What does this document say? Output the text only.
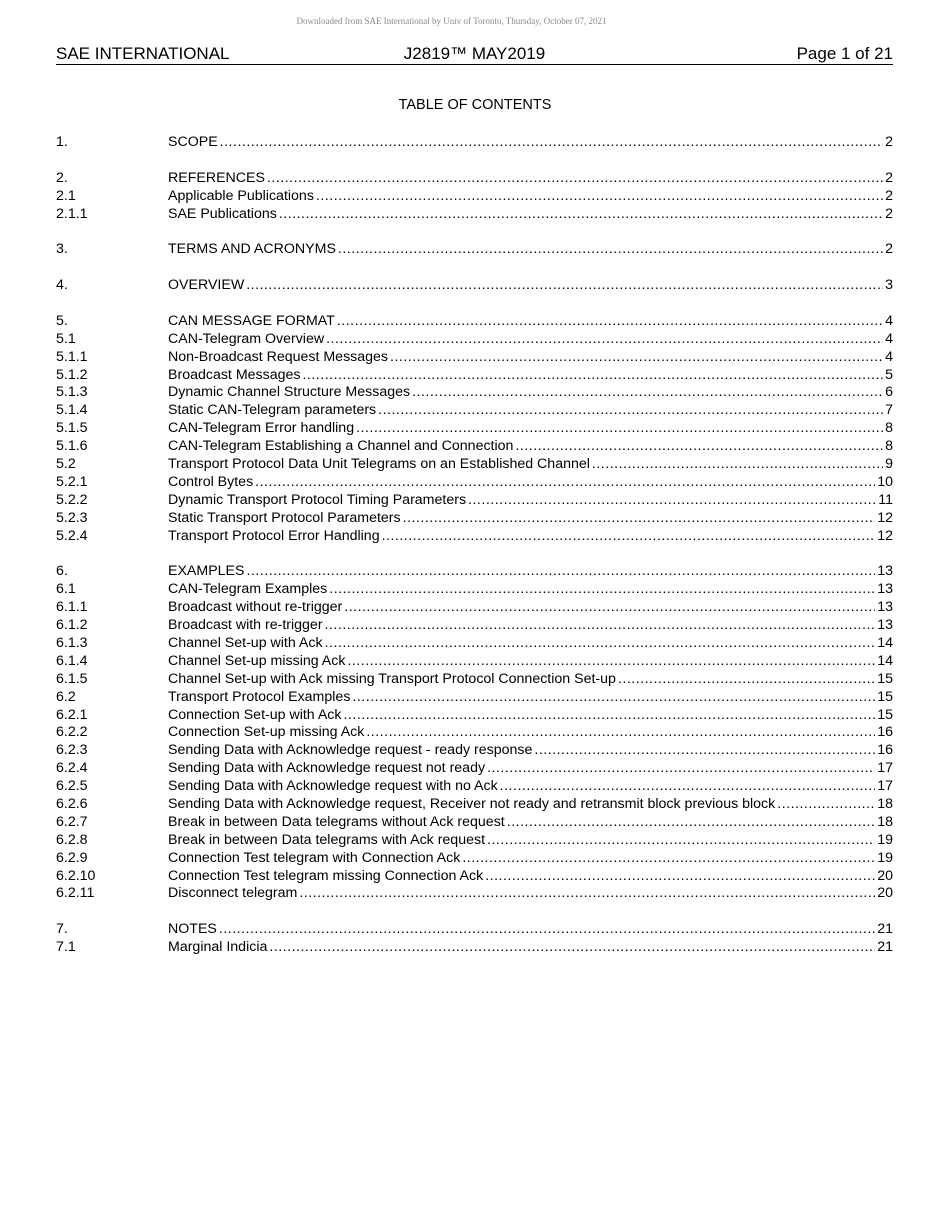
Downloaded from SAE International by Univ of Toronto, Thursday, October 07, 2021
SAE INTERNATIONAL	J2819™ MAY2019	Page 1 of 21
TABLE OF CONTENTS
1.	SCOPE .....	2
2.	REFERENCES .....	2
2.1	Applicable Publications .....	2
2.1.1	SAE Publications .....	2
3.	TERMS AND ACRONYMS .....	2
4.	OVERVIEW .....	3
5.	CAN MESSAGE FORMAT .....	4
5.1	CAN-Telegram Overview .....	4
5.1.1	Non-Broadcast Request Messages .....	4
5.1.2	Broadcast Messages .....	5
5.1.3	Dynamic Channel Structure Messages .....	6
5.1.4	Static CAN-Telegram parameters .....	7
5.1.5	CAN-Telegram Error handling .....	8
5.1.6	CAN-Telegram Establishing a Channel and Connection .....	8
5.2	Transport Protocol Data Unit Telegrams on an Established Channel .....	9
5.2.1	Control Bytes .....	10
5.2.2	Dynamic Transport Protocol Timing Parameters .....	11
5.2.3	Static Transport Protocol Parameters .....	12
5.2.4	Transport Protocol Error Handling .....	12
6.	EXAMPLES .....	13
6.1	CAN-Telegram Examples .....	13
6.1.1	Broadcast without re-trigger .....	13
6.1.2	Broadcast with re-trigger .....	13
6.1.3	Channel Set-up with Ack .....	14
6.1.4	Channel Set-up missing Ack .....	14
6.1.5	Channel Set-up with Ack missing Transport Protocol Connection Set-up .....	15
6.2	Transport Protocol Examples .....	15
6.2.1	Connection Set-up with Ack .....	15
6.2.2	Connection Set-up missing Ack .....	16
6.2.3	Sending Data with Acknowledge request - ready response .....	16
6.2.4	Sending Data with Acknowledge request not ready .....	17
6.2.5	Sending Data with Acknowledge request with no Ack .....	17
6.2.6	Sending Data with Acknowledge request, Receiver not ready and retransmit block previous block .....	18
6.2.7	Break in between Data telegrams without Ack request .....	18
6.2.8	Break in between Data telegrams with Ack request .....	19
6.2.9	Connection Test telegram with Connection Ack .....	19
6.2.10	Connection Test telegram missing Connection Ack .....	20
6.2.11	Disconnect telegram .....	20
7.	NOTES .....	21
7.1	Marginal Indicia .....	21
